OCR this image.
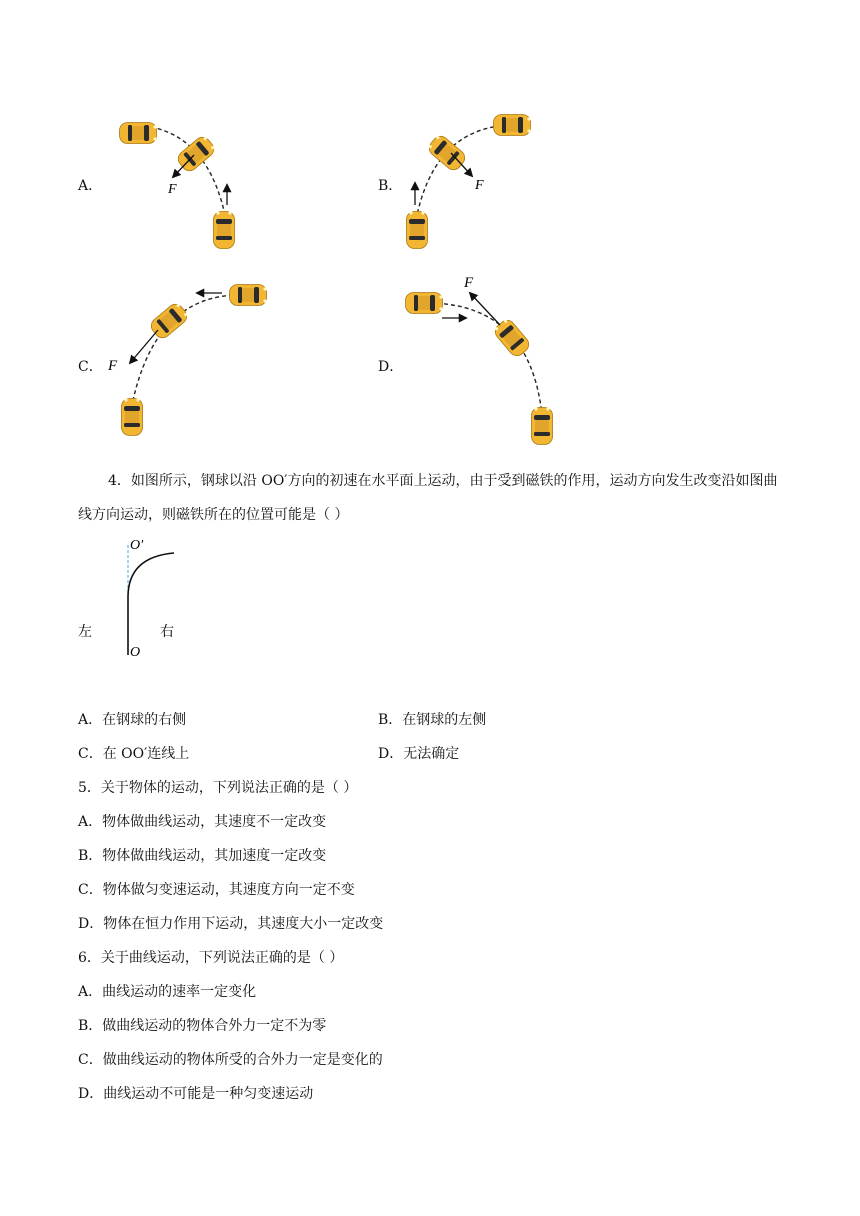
A．	F	B．	F
C． F	D．
F
4．如图所示，钢球以沿 OO′方向的初速在水平面上运动，由于受到磁铁的作用，运动方向发生改变沿如图曲线方向运动，则磁铁所在的位置可能是（ ）
O′
O
左	右
A．在钢球的右侧	B．在钢球的左侧
C．在 OO′连线上	D．无法确定
5．关于物体的运动，下列说法正确的是（ ）
A．物体做曲线运动，其速度不一定改变
B．物体做曲线运动，其加速度一定改变
C．物体做匀变速运动，其速度方向一定不变
D．物体在恒力作用下运动，其速度大小一定改变
6．关于曲线运动，下列说法正确的是（ ）
A．曲线运动的速率一定变化
B．做曲线运动的物体合外力一定不为零
C．做曲线运动的物体所受的合外力一定是变化的
D．曲线运动不可能是一种匀变速运动
